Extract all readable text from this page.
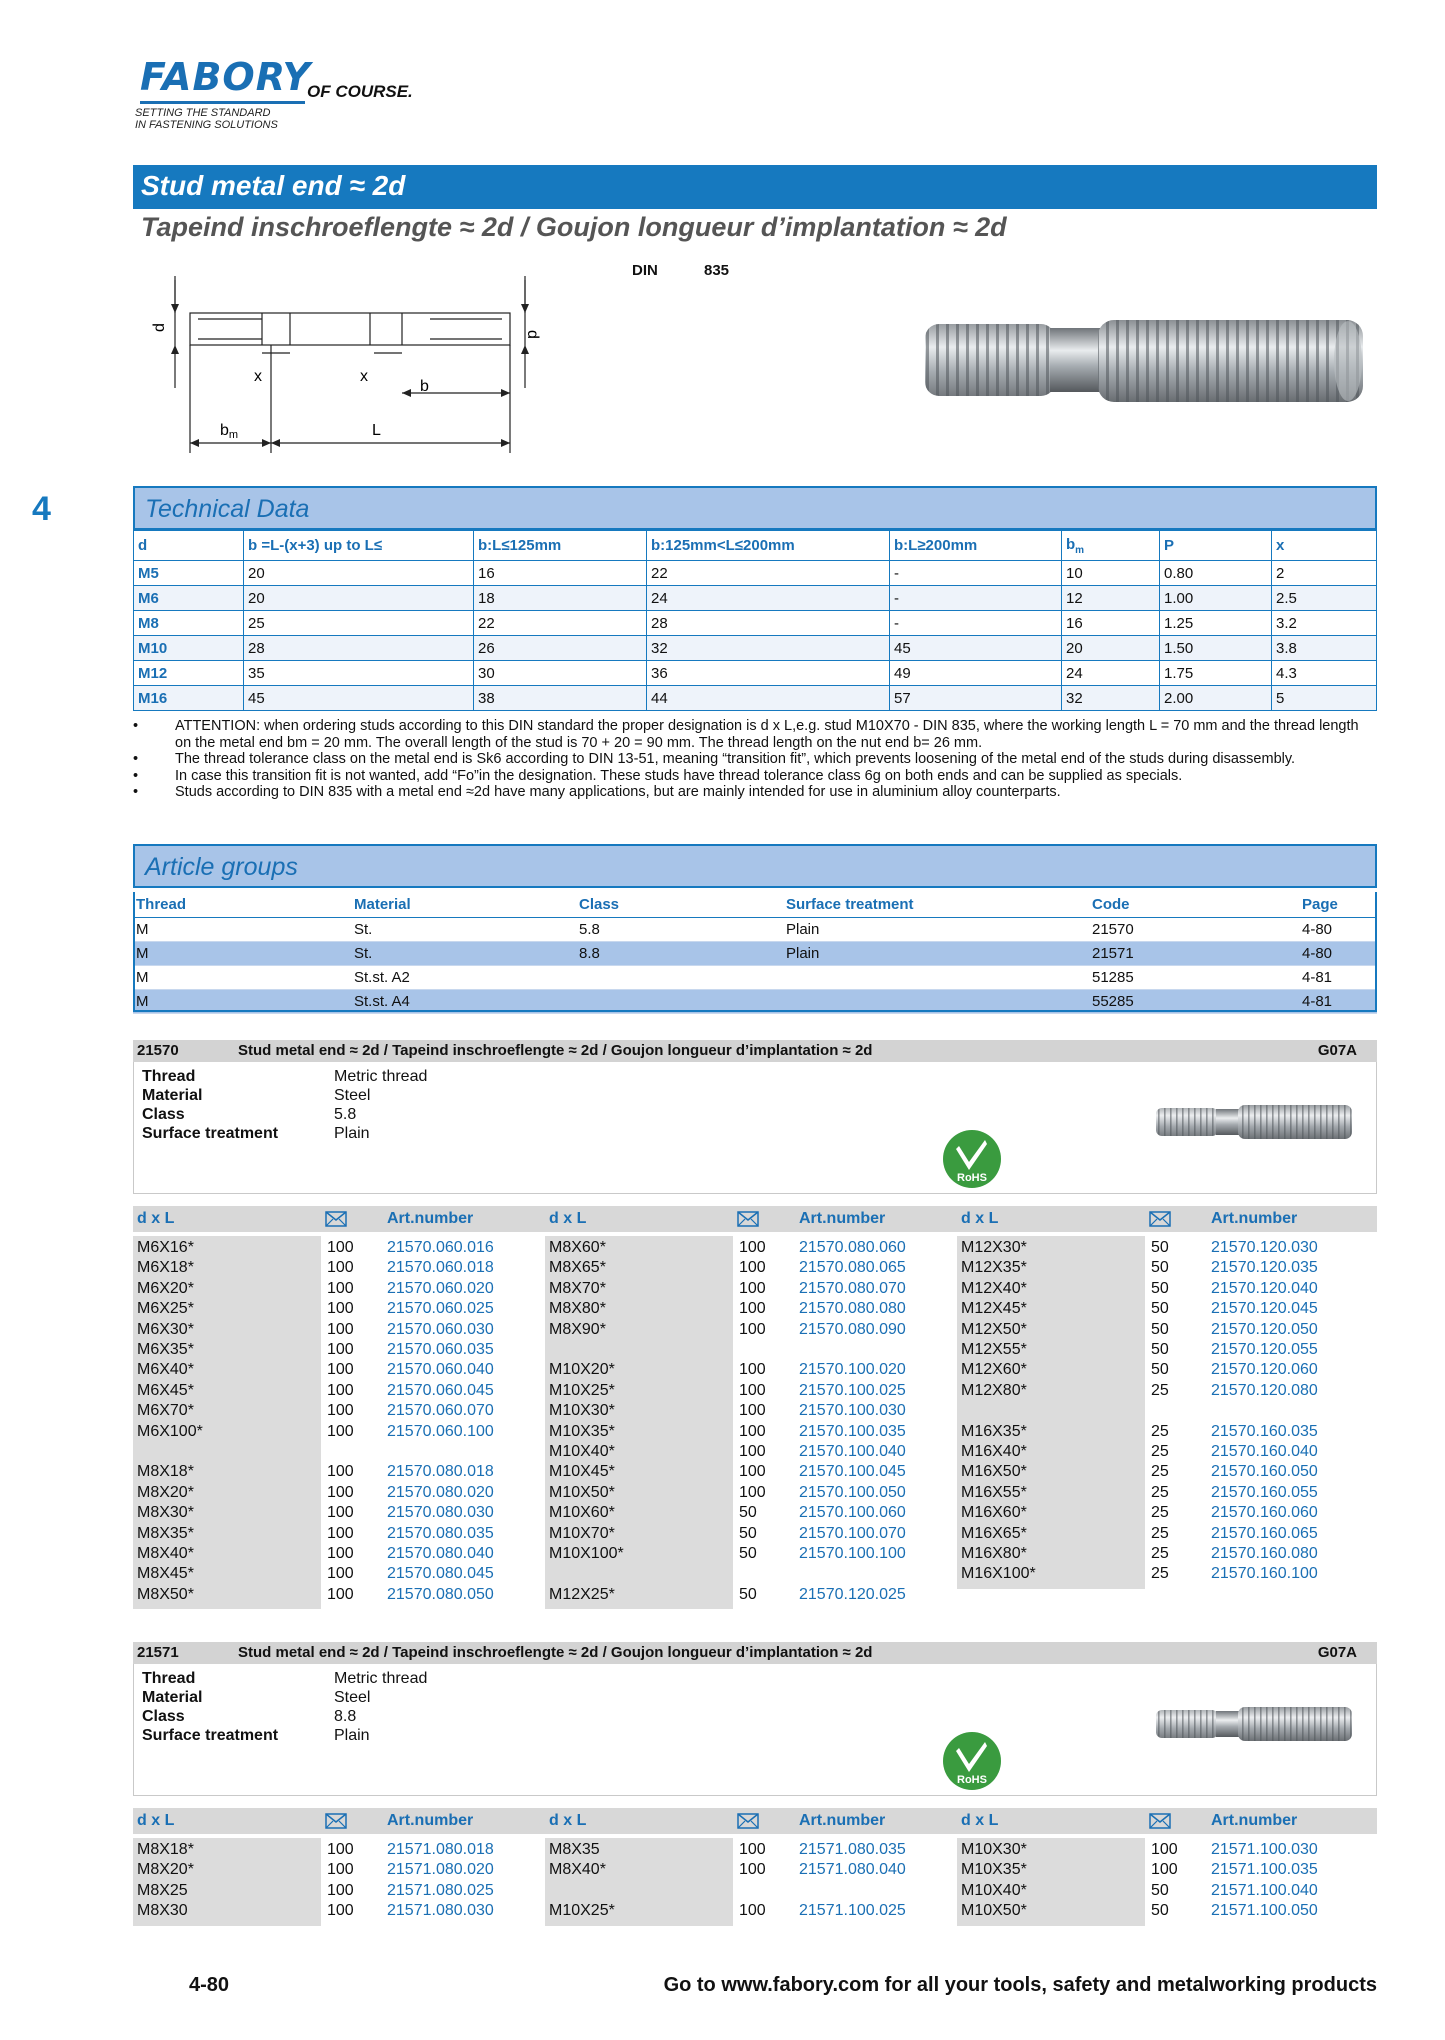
FABORY
OF COURSE.
SETTING THE STANDARD
IN FASTENING SOLUTIONS
Stud metal end ≈ 2d
Tapeind inschroeflengte ≈ 2d / Goujon longueur d’implantation ≈ 2d
DIN	835
d
d
x	x
b
bm	L
4	Technical Data
d	b =L-(x+3) up to L≤	b:L≤125mm	b:125mm<L≤200mm	b:L≥200mm	$b_m$	P	x
M5	20	16	22	-	10	0.80	2
M6	20	18	24	-	12	1.00	2.5
M8	25	22	28	-	16	1.25	3.2
M10	28	26	32	45	20	1.50	3.8
M12	35	30	36	49	24	1.75	4.3
M16	45	38	44	57	32	2.00	5
• ATTENTION: when ordering studs according to this DIN standard the proper designation is d x L,e.g. stud M10X70 - DIN 835, where the working length L = 70 mm and the thread length on the metal end bm = 20 mm. The overall length of the stud is 70 + 20 = 90 mm. The thread length on the nut end b= 26 mm.
• The thread tolerance class on the metal end is Sk6 according to DIN 13-51, meaning “transition fit”, which prevents loosening of the metal end of the studs during disassembly.
• In case this transition fit is not wanted, add “Fo”in the designation. These studs have thread tolerance class 6g on both ends and can be supplied as specials.
• Studs according to DIN 835 with a metal end ≈2d have many applications, but are mainly intended for use in aluminium alloy counterparts.
Article groups
Thread	Material	Class	Surface treatment	Code	Page
M	St.	5.8	Plain	21570	4-80
M	St.	8.8	Plain	21571	4-80
M	St.st. A2			51285	4-81
M	St.st. A4			55285	4-81
21570	Stud metal end ≈ 2d / Tapeind inschroeflengte ≈ 2d / Goujon longueur d’implantation ≈ 2d	G07A
Thread	Metric thread
Material	Steel
Class	5.8
Surface treatment	Plain
RoHS
d x L	Art.number	d x L	Art.number	d x L	Art.number
M6X16*	100 21570.060.016
M6X18*	100 21570.060.018
M6X20*	100 21570.060.020
M6X25*	100 21570.060.025
M6X30*	100 21570.060.030
M6X35*	100 21570.060.035
M6X40*	100 21570.060.040
M6X45*	100 21570.060.045
M6X70*	100 21570.060.070
M6X100*	100 21570.060.100
M8X18*	100 21570.080.018
M8X20*	100 21570.080.020
M8X30*	100 21570.080.030
M8X35*	100 21570.080.035
M8X40*	100 21570.080.040
M8X45*	100 21570.080.045
M8X50*	100 21570.080.050
M8X60*	100 21570.080.060
M8X65*	100 21570.080.065
M8X70*	100 21570.080.070
M8X80*	100 21570.080.080
M8X90*	100 21570.080.090
M10X20*	100 21570.100.020
M10X25*	100 21570.100.025
M10X30*	100 21570.100.030
M10X35*	100 21570.100.035
M10X40*	100 21570.100.040
M10X45*	100 21570.100.045
M10X50*	100 21570.100.050
M10X60*	50	21570.100.060
M10X70*	50	21570.100.070
M10X100*	50	21570.100.100
M12X25*	50	21570.120.025
M12X30*	50	21570.120.030
M12X35*	50	21570.120.035
M12X40*	50	21570.120.040
M12X45*	50	21570.120.045
M12X50*	50	21570.120.050
M12X55*	50	21570.120.055
M12X60*	50	21570.120.060
M12X80*	25	21570.120.080
M16X35*	25	21570.160.035
M16X40*	25	21570.160.040
M16X50*	25	21570.160.050
M16X55*	25	21570.160.055
M16X60*	25	21570.160.060
M16X65*	25	21570.160.065
M16X80*	25	21570.160.080
M16X100*	25	21570.160.100
21571	Stud metal end ≈ 2d / Tapeind inschroeflengte ≈ 2d / Goujon longueur d’implantation ≈ 2d	G07A
Thread	Metric thread
Material	Steel
Class	8.8
Surface treatment	Plain
RoHS
d x L	Art.number	d x L	Art.number	d x L	Art.number
M8X18*	100 21571.080.018
M8X20*	100 21571.080.020
M8X25	100 21571.080.025
M8X30	100 21571.080.030
M8X35	100 21571.080.035
M8X40*	100 21571.080.040
M10X25*	100 21571.100.025
M10X30*	100 21571.100.030
M10X35*	100 21571.100.035
M10X40*	50	21571.100.040
M10X50*	50	21571.100.050
4-80	Go to www.fabory.com for all your tools, safety and metalworking products
